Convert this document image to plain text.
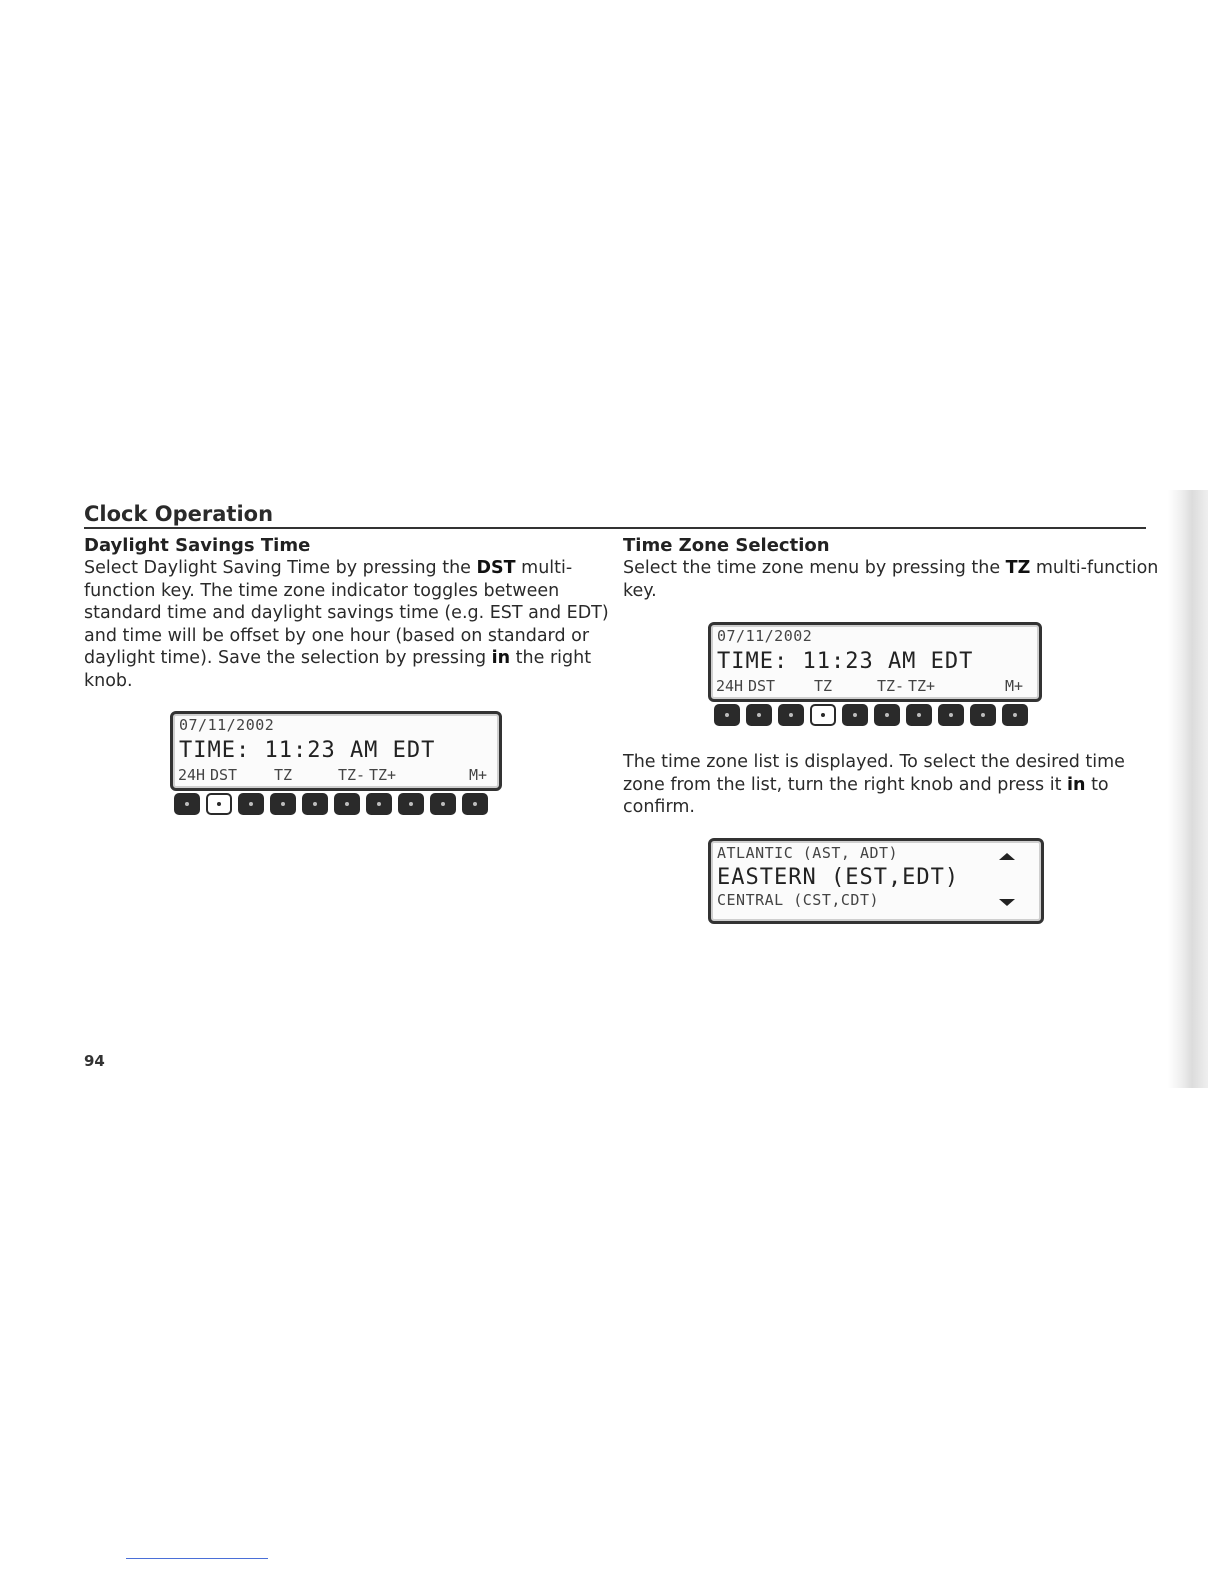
Clock Operation
Daylight Savings Time

Select Daylight Saving Time by pressing the DST multi-function key. The time zone indicator toggles between standard time and daylight savings time (e.g. EST and EDT) and time will be offset by one hour (based on standard or daylight time). Save the selection by pressing in the right knob.

07/11/2002
TIME: 11:23 AM EDT
24H DST TZ	TZ- TZ+	M+
Time Zone Selection

Select the time zone menu by pressing the TZ multi-function key.

07/11/2002
TIME: 11:23 AM EDT
24H DST	TZ	TZ- TZ+	M+

The time zone list is displayed. To select the desired time zone from the list, turn the right knob and press it in to confirm.

ATLANTIC (AST, ADT)
EASTERN (EST,EDT)
CENTRAL (CST,CDT)
94
